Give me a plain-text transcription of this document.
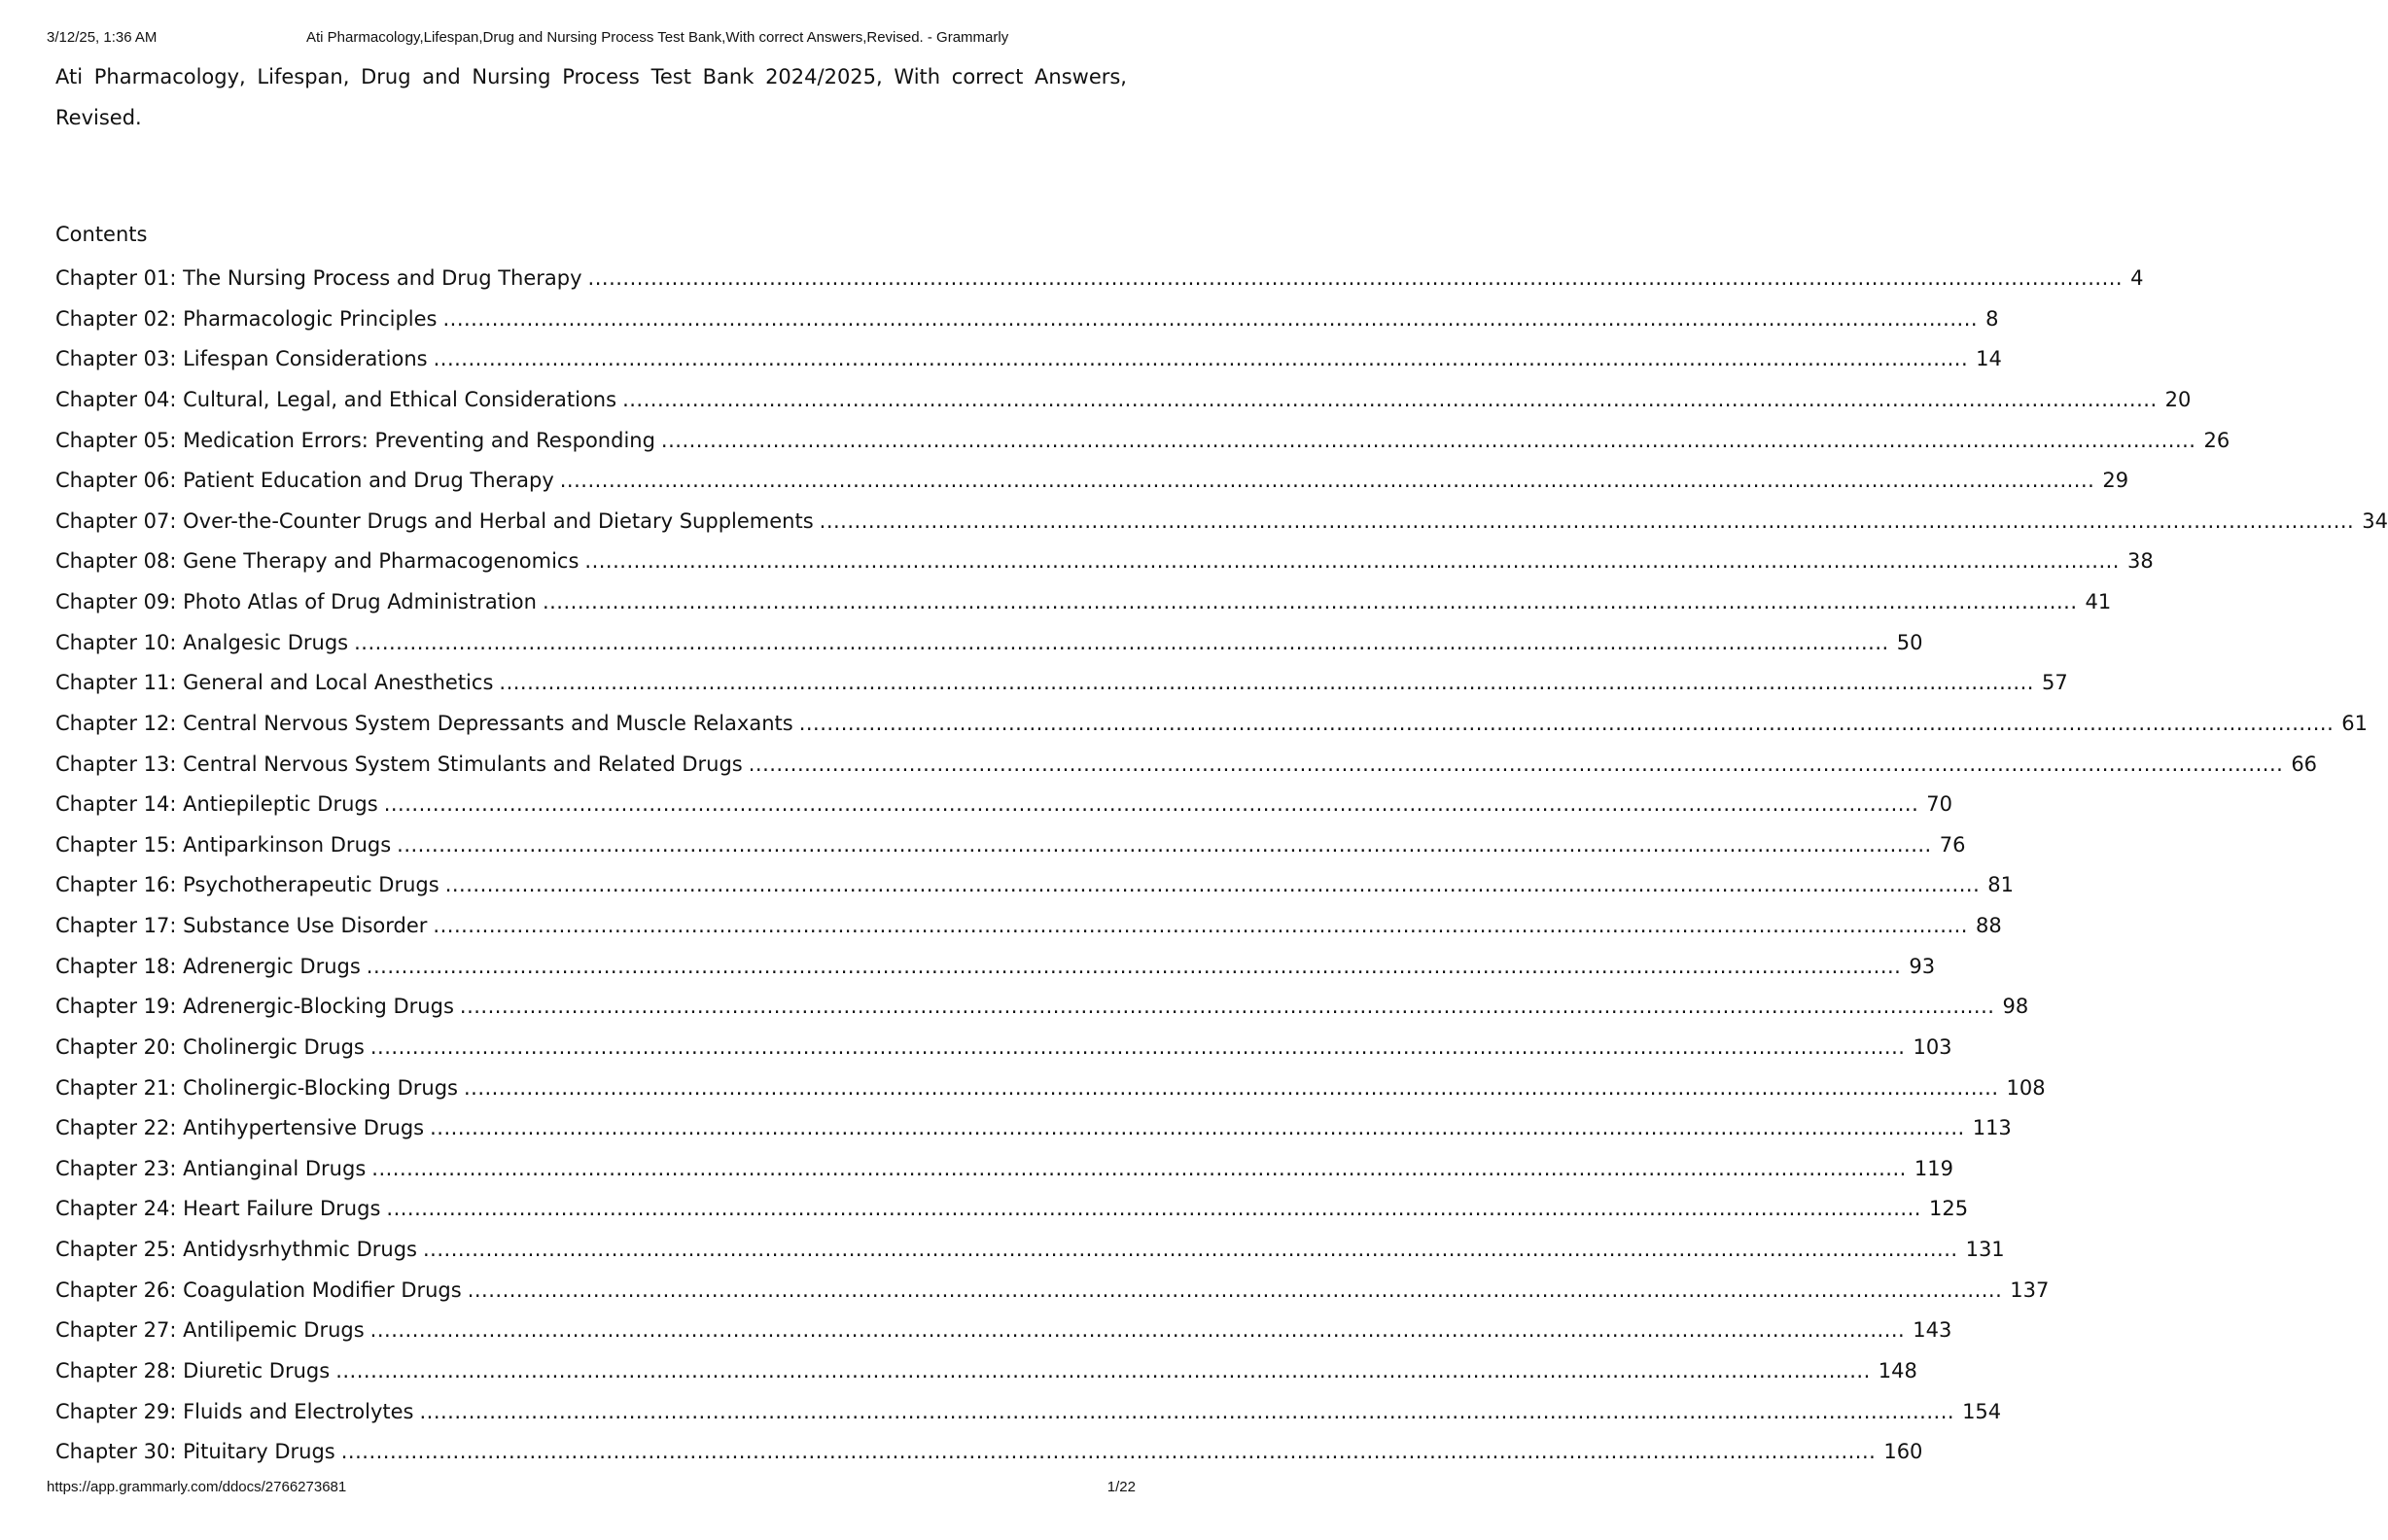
3/12/25, 1:36 AM	Ati Pharmacology,Lifespan,Drug and Nursing Process Test Bank,With correct Answers,Revised. - Grammarly
Ati Pharmacology, Lifespan, Drug and Nursing Process Test Bank 2024/2025, With correct Answers, Revised.
Contents
Chapter 01: The Nursing Process and Drug Therapy ............................................................................................................................................................................................................................ 4
Chapter 02: Pharmacologic Principles ............................................................................................................................................................................................................................ 8
Chapter 03: Lifespan Considerations ............................................................................................................................................................................................................................ 14
Chapter 04: Cultural, Legal, and Ethical Considerations ............................................................................................................................................................................................................................ 20
Chapter 05: Medication Errors: Preventing and Responding ............................................................................................................................................................................................................................ 26
Chapter 06: Patient Education and Drug Therapy ............................................................................................................................................................................................................................ 29
Chapter 07: Over-the-Counter Drugs and Herbal and Dietary Supplements ............................................................................................................................................................................................................................ 34
Chapter 08: Gene Therapy and Pharmacogenomics ............................................................................................................................................................................................................................ 38
Chapter 09: Photo Atlas of Drug Administration ............................................................................................................................................................................................................................ 41
Chapter 10: Analgesic Drugs ............................................................................................................................................................................................................................ 50
Chapter 11: General and Local Anesthetics ............................................................................................................................................................................................................................ 57
Chapter 12: Central Nervous System Depressants and Muscle Relaxants ............................................................................................................................................................................................................................ 61
Chapter 13: Central Nervous System Stimulants and Related Drugs ............................................................................................................................................................................................................................ 66
Chapter 14: Antiepileptic Drugs ............................................................................................................................................................................................................................ 70
Chapter 15: Antiparkinson Drugs ............................................................................................................................................................................................................................ 76
Chapter 16: Psychotherapeutic Drugs ............................................................................................................................................................................................................................ 81
Chapter 17: Substance Use Disorder ............................................................................................................................................................................................................................ 88
Chapter 18: Adrenergic Drugs ............................................................................................................................................................................................................................ 93
Chapter 19: Adrenergic-Blocking Drugs ............................................................................................................................................................................................................................ 98
Chapter 20: Cholinergic Drugs ............................................................................................................................................................................................................................ 103
Chapter 21: Cholinergic-Blocking Drugs ............................................................................................................................................................................................................................ 108
Chapter 22: Antihypertensive Drugs ............................................................................................................................................................................................................................ 113
Chapter 23: Antianginal Drugs ............................................................................................................................................................................................................................ 119
Chapter 24: Heart Failure Drugs ............................................................................................................................................................................................................................ 125
Chapter 25: Antidysrhythmic Drugs ............................................................................................................................................................................................................................ 131
Chapter 26: Coagulation Modifier Drugs ............................................................................................................................................................................................................................ 137
Chapter 27: Antilipemic Drugs ............................................................................................................................................................................................................................ 143
Chapter 28: Diuretic Drugs ............................................................................................................................................................................................................................ 148
Chapter 29: Fluids and Electrolytes ............................................................................................................................................................................................................................ 154
Chapter 30: Pituitary Drugs ............................................................................................................................................................................................................................ 160
https://app.grammarly.com/ddocs/2766273681	1/22
